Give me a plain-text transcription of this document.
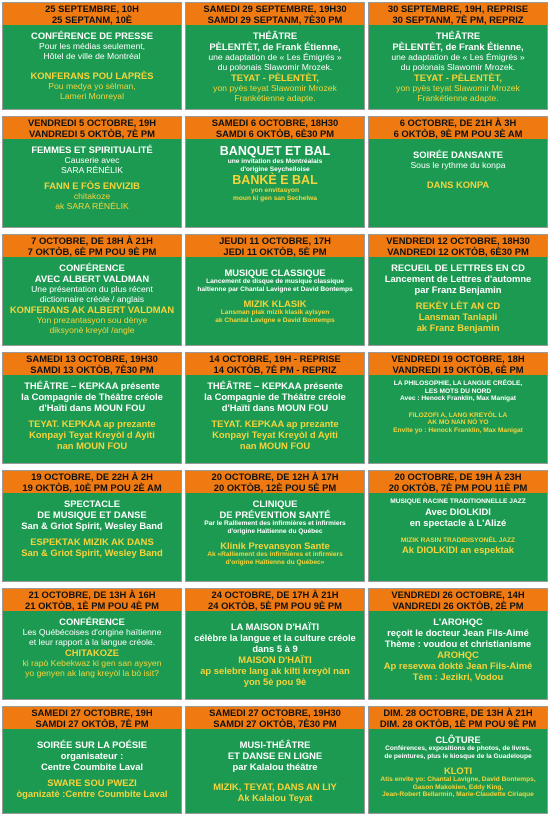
25 SEPTEMBRE, 10H
25 SEPTANM, 10È
CONFÉRENCE DE PRESSE
Pour les médias seulement,
Hôtel de ville de Montréal
KONFERANS POU LAPRÈS
Pou medya yo sèlman,
Lameri Monreyal
SAMEDI 29 SEPTEMBRE, 19H30
SAMDI 29 SEPTANM, 7È30 PM
THÉÂTRE
PÈLENTÈT, de Frank Étienne,
une adaptation de « Les Émigrés »
du polonais Slawomir Mrozek.
TEYAT - PÈLENTÈT,
yon pyès teyat Slawomir Mrozek
Frankétienne adapte.
30 SEPTEMBRE, 19H, REPRISE
30 SEPTANM, 7È PM, REPRIZ
THÉÂTRE
PÈLENTÈT, de Frank Étienne,
une adaptation de « Les Émigrés »
du polonais Slawomir Mrozek.
TEYAT - PÈLENTÈT,
yon pyès teyat Slawomir Mrozek
Frankétienne adapte.
VENDREDI 5 OCTOBRE, 19H
VANDREDI 5 OKTÒB, 7È PM
FEMMES ET SPIRITUALITÉ
Causerie avec
SARA RÉNÉLIK
FANN E FÒS ENVIZIB
chitakoze
ak SARA RÉNÉLIK
SAMEDI 6 OCTOBRE, 18H30
SAMDI 6 OKTÒB, 6È30 PM
BANQUET ET BAL
une invitation des Montréalais
d'origine Seychelloise
BANKÈ E BAL
yon envitasyon
moun ki gen san Sechelwa
6 OCTOBRE, DE 21H À 3H
6 OKTÒB, 9È PM POU 3È AM
SOIRÉE DANSANTE
Sous le rythme du konpa
DANS KONPA
7 OCTOBRE, DE 18H À 21H
7 OKTÒB, 6È PM POU 9È PM
CONFÉRENCE
AVEC ALBERT VALDMAN
Une présentation du plus récent
dictionnaire créole / anglais
KONFERANS AK ALBERT VALDMAN
Yon prezantasyon sou dènye
diksyonè kreyòl /angle
JEUDI 11 OCTOBRE, 17H
JEDI 11 OKTÒB, 5È PM
MUSIQUE CLASSIQUE
Lancement de disque de musique classique
haïtienne par Chantal Lavigne et David Bontemps
MIZIK KLASIK
Lansman plak mizik klasik ayisyen
ak Chantal Lavigne e David Bontemps
VENDREDI 12 OCTOBRE, 18H30
VANDREDI 12 OKTÒB, 6È30 PM
RECUEIL DE LETTRES EN CD
Lancement de Lettres d'automne
par Franz Benjamin
REKÈY LÈT AN CD
Lansman Tanlapli
ak Franz Benjamin
SAMEDI 13 OCTOBRE, 19H30
SAMDI 13 OKTÒB, 7È30 PM
THÉÂTRE – KEPKAA présente
la Compagnie de Théâtre créole
d'Haïti dans MOUN FOU
TEYAT. KEPKAA ap prezante
Konpayi Teyat Kreyòl d Ayiti
nan MOUN FOU
14 OCTOBRE, 19H - REPRISE
14 OKTÒB, 7È PM - REPRIZ
THÉÂTRE – KEPKAA présente
la Compagnie de Théâtre créole
d'Haïti dans MOUN FOU
TEYAT. KEPKAA ap prezante
Konpayi Teyat Kreyòl d Ayiti
nan MOUN FOU
VENDREDI 19 OCTOBRE, 18H
VANDREDI 19 OKTÒB, 6È PM
LA PHILOSOPHIE, LA LANGUE CRÉOLE,
LES MOTS DU NORD
Avec : Henock Franklin, Max Manigat
FILOZOFI A, LANG KREYÒL LA
AK MO NAN NÒ YO
Envite yo : Henock Franklin, Max Manigat
19 OCTOBRE, DE 22H À 2H
19 OKTÒB, 10È PM POU 2È AM
SPECTACLE
DE MUSIQUE ET DANSE
San & Griot Spirit, Wesley Band
ESPEKTAK MIZIK AK DANS
San & Griot Spirit, Wesley Band
20 OCTOBRE, DE 12H À 17H
20 OKTÒB, 12È POU 5È PM
CLINIQUE
DE PRÉVENTION SANTÉ
Par le Ralliement des infirmières et infirmiers
d'origine Haïtienne du Québec
Klinik Prevansyon Sante
Ak «Ralliement des infirmières et infirmiers
d'origine Haïtienne du Québec»
20 OCTOBRE, DE 19H À 23H
20 OKTÒB, 7È PM POU 11È PM
MUSIQUE RACINE TRADITIONNELLE JAZZ
Avec DIOLKIDI
en spectacle à L'Alizé
MIZIK RASIN TRADIDISYONÈL JAZZ
Ak DIOLKIDI an espektak
21 OCTOBRE, DE 13H À 16H
21 OKTÒB, 1È PM POU 4È PM
CONFÉRENCE
Les Québécoises d'origine haïtienne
et leur rapport à la langue créole.
CHITAKOZE
ki rapò Kebekwaz ki gen san aysyen
yo genyen ak lang kreyòl la bò isit?
24 OCTOBRE, DE 17H À 21H
24 OKTÒB, 5È PM POU 9È PM
LA MAISON D'HAÏTI
célèbre la langue et la culture créole
dans 5 à 9
MAISON D'HAÏTI
ap selebre lang ak kilti kreyòl nan
yon 5è pou 9è
VENDREDI 26 OCTOBRE, 14H
VANDREDI 26 OKTÒB, 2È PM
L'AROHQC
reçoit le docteur Jean Fils-Aimé
Thème : voudou et christianisme
AROHQC
Ap resevwa doktè Jean Fils-Aimé
Tèm : Jezikri, Vodou
SAMEDI 27 OCTOBRE, 19H
SAMDI 27 OKTÒB, 7È PM
SOIRÉE SUR LA POÉSIE
organisateur :
Centre Coumbite Laval
SWARE SOU PWEZI
òganizatè :Centre Coumbite Laval
SAMEDI 27 OCTOBRE, 19H30
SAMDI 27 OKTÒB, 7È30 PM
MUSI-THÉÂTRE
ET DANSE EN LIGNE
par Kalalou théâtre
MIZIK, TEYAT, DANS AN LIY
Ak Kalalou Teyat
DIM. 28 OCTOBRE, DE 13H À 21H
DIM. 28 OKTÒB, 1È PM POU 9È PM
CLÔTURE
Conférences, expositions de photos, de livres,
de peintures, plus le kiosque de la Guadeloupe
KLOTI
Atis envite yo: Chantal Lavigne, David Bontemps,
Gason Makokien, Eddy King,
Jean-Robert Bellarmin, Marie-Claudette Ciriaque
